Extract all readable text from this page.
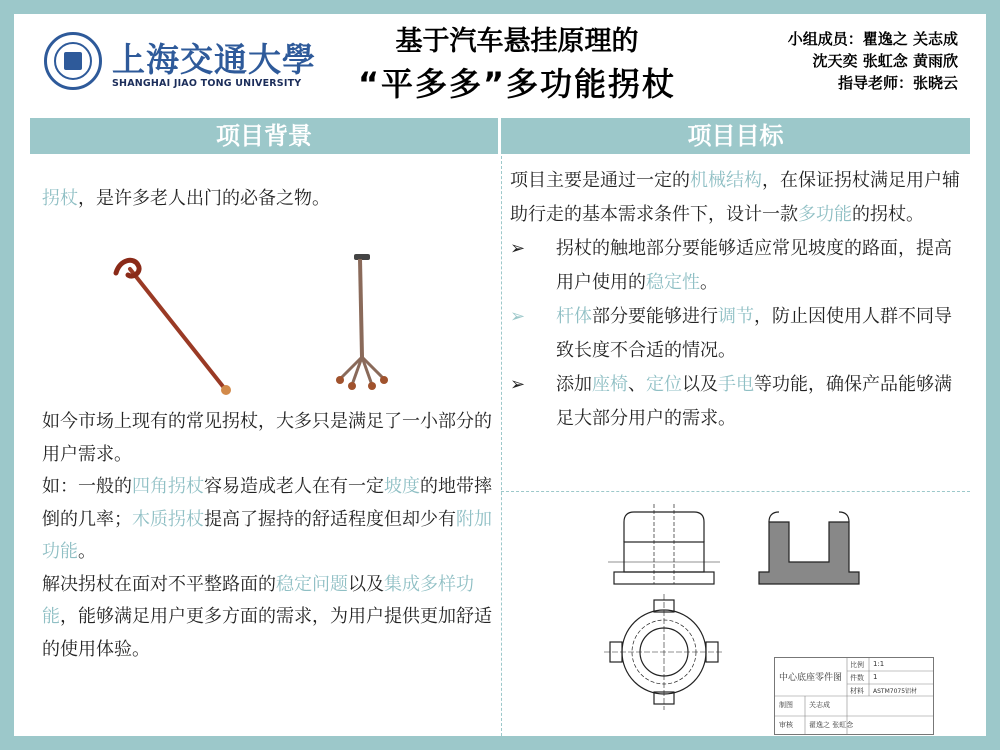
上海交通大學
SHANGHAI JIAO TONG UNIVERSITY
基于汽车悬挂原理的
“平多多”多功能拐杖
小组成员：瞿逸之 关志成
沈天奕 张虹念 黄雨欣
指导老师：张晓云
项目背景	项目目标
拐杖，是许多老人出门的必备之物。
如今市场上现有的常见拐杖，大多只是满足了一小部分的用户需求。
如：一般的四角拐杖容易造成老人在有一定坡度的地带摔倒的几率；木质拐杖提高了握持的舒适程度但却少有附加功能。
解决拐杖在面对不平整路面的稳定问题以及集成多样功能，能够满足用户更多方面的需求，为用户提供更加舒适的使用体验。
项目主要是通过一定的机械结构，在保证拐杖满足用户辅助行走的基本需求条件下，设计一款多功能的拐杖。
➢ 拐杖的触地部分要能够适应常见坡度的路面，提高用户使用的稳定性。
➢ 杆体部分要能够进行调节，防止因使用人群不同导致长度不合适的情况。
➢ 添加座椅、定位以及手电等功能，确保产品能够满足大部分用户的需求。
中心底座零件图
比例 1:1
件数 1
材料 ASTM7075铝材
制图 关志成
审核 翟逸之 张虹念
